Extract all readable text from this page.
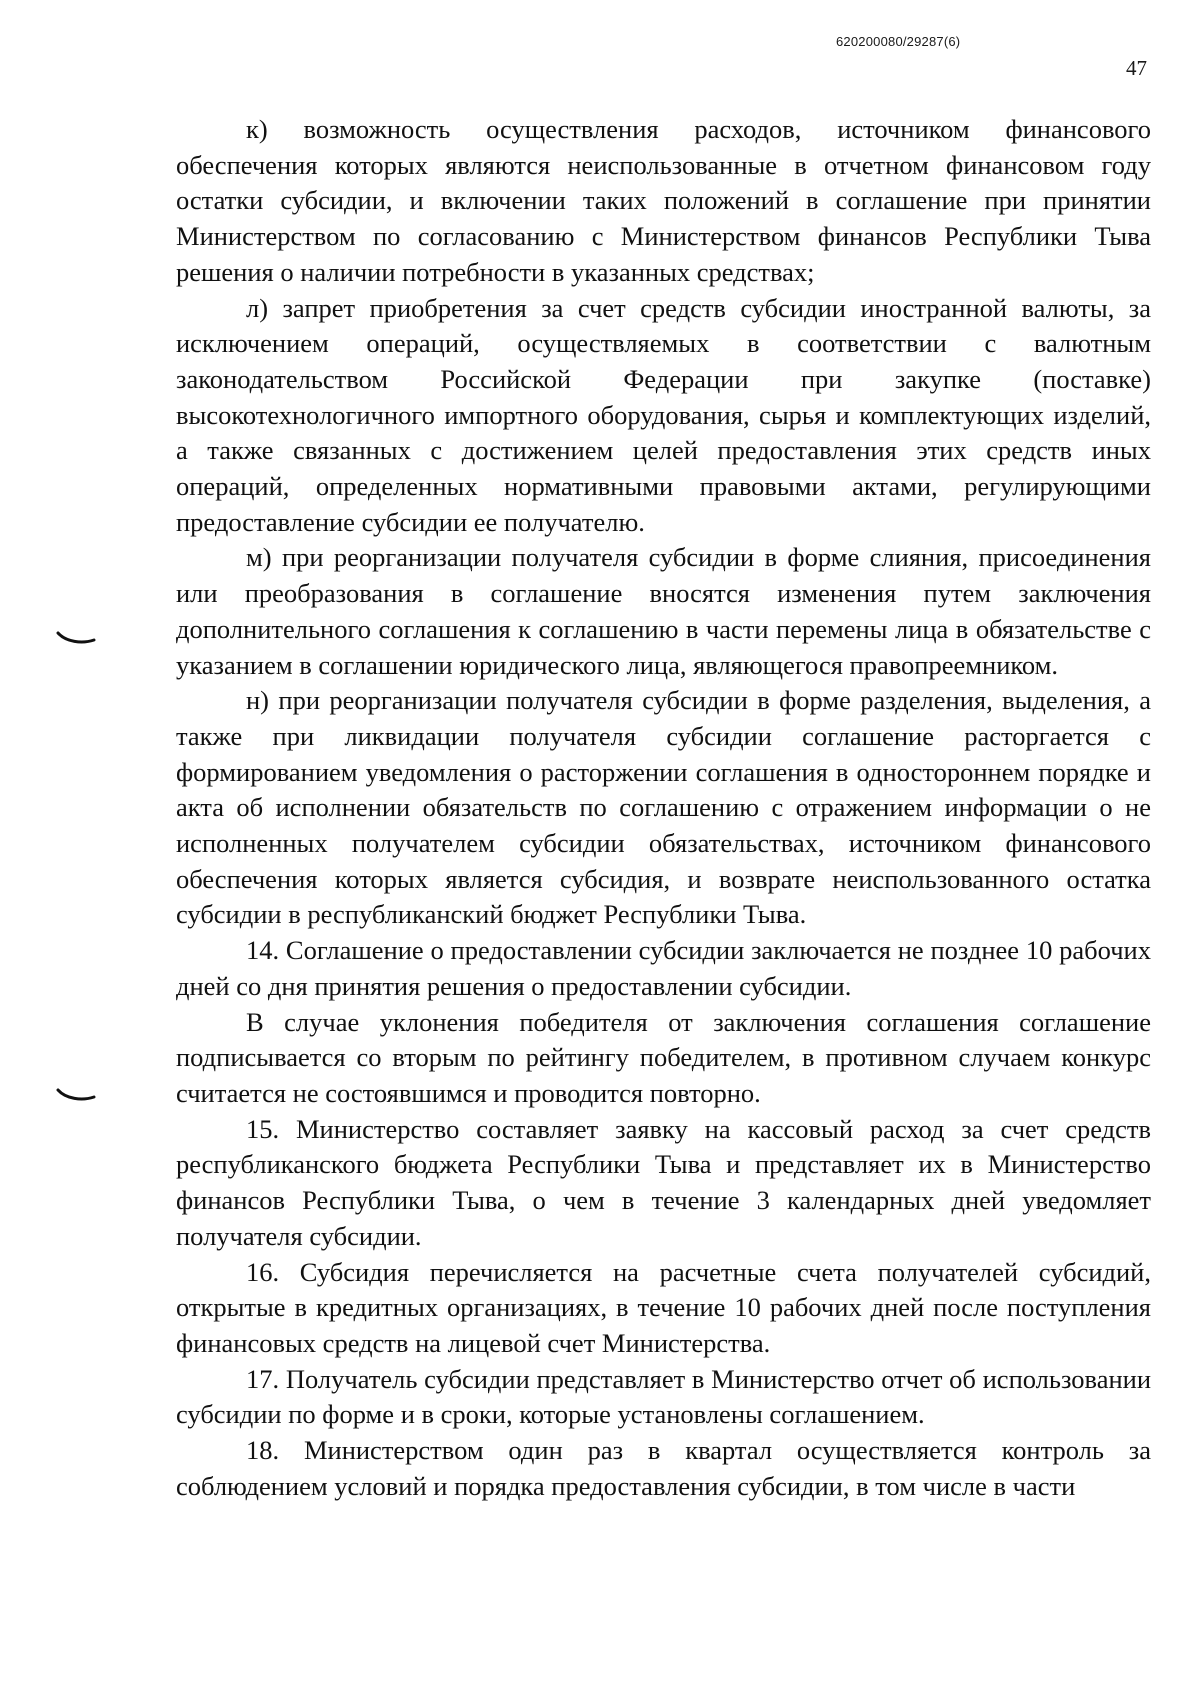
620200080/29287(6)
47

к) возможность осуществления расходов, источником финансового обеспечения которых являются неиспользованные в отчетном финансовом году остатки субсидии, и включении таких положений в соглашение при принятии Министерством по согласованию с Министерством финансов Республики Тыва решения о наличии потребности в указанных средствах;

л) запрет приобретения за счет средств субсидии иностранной валюты, за исключением операций, осуществляемых в соответствии с валютным законодательством Российской Федерации при закупке (поставке) высокотехнологичного импортного оборудования, сырья и комплектующих изделий, а также связанных с достижением целей предоставления этих средств иных операций, определенных нормативными правовыми актами, регулирующими предоставление субсидии ее получателю.

м) при реорганизации получателя субсидии в форме слияния, присоединения или преобразования в соглашение вносятся изменения путем заключения дополнительного соглашения к соглашению в части перемены лица в обязательстве с указанием в соглашении юридического лица, являющегося правопреемником.

н) при реорганизации получателя субсидии в форме разделения, выделения, а также при ликвидации получателя субсидии соглашение расторгается с формированием уведомления о расторжении соглашения в одностороннем порядке и акта об исполнении обязательств по соглашению с отражением информации о не исполненных получателем субсидии обязательствах, источником финансового обеспечения которых является субсидия, и возврате неиспользованного остатка субсидии в республиканский бюджет Республики Тыва.

14. Соглашение о предоставлении субсидии заключается не позднее 10 рабочих дней со дня принятия решения о предоставлении субсидии.

В случае уклонения победителя от заключения соглашения соглашение подписывается со вторым по рейтингу победителем, в противном случаем конкурс считается не состоявшимся и проводится повторно.

15. Министерство составляет заявку на кассовый расход за счет средств республиканского бюджета Республики Тыва и представляет их в Министерство финансов Республики Тыва, о чем в течение 3 календарных дней уведомляет получателя субсидии.

16. Субсидия перечисляется на расчетные счета получателей субсидий, открытые в кредитных организациях, в течение 10 рабочих дней после поступления финансовых средств на лицевой счет Министерства.

17. Получатель субсидии представляет в Министерство отчет об использовании субсидии по форме и в сроки, которые установлены соглашением.

18. Министерством один раз в квартал осуществляется контроль за соблюдением условий и порядка предоставления субсидии, в том числе в части
